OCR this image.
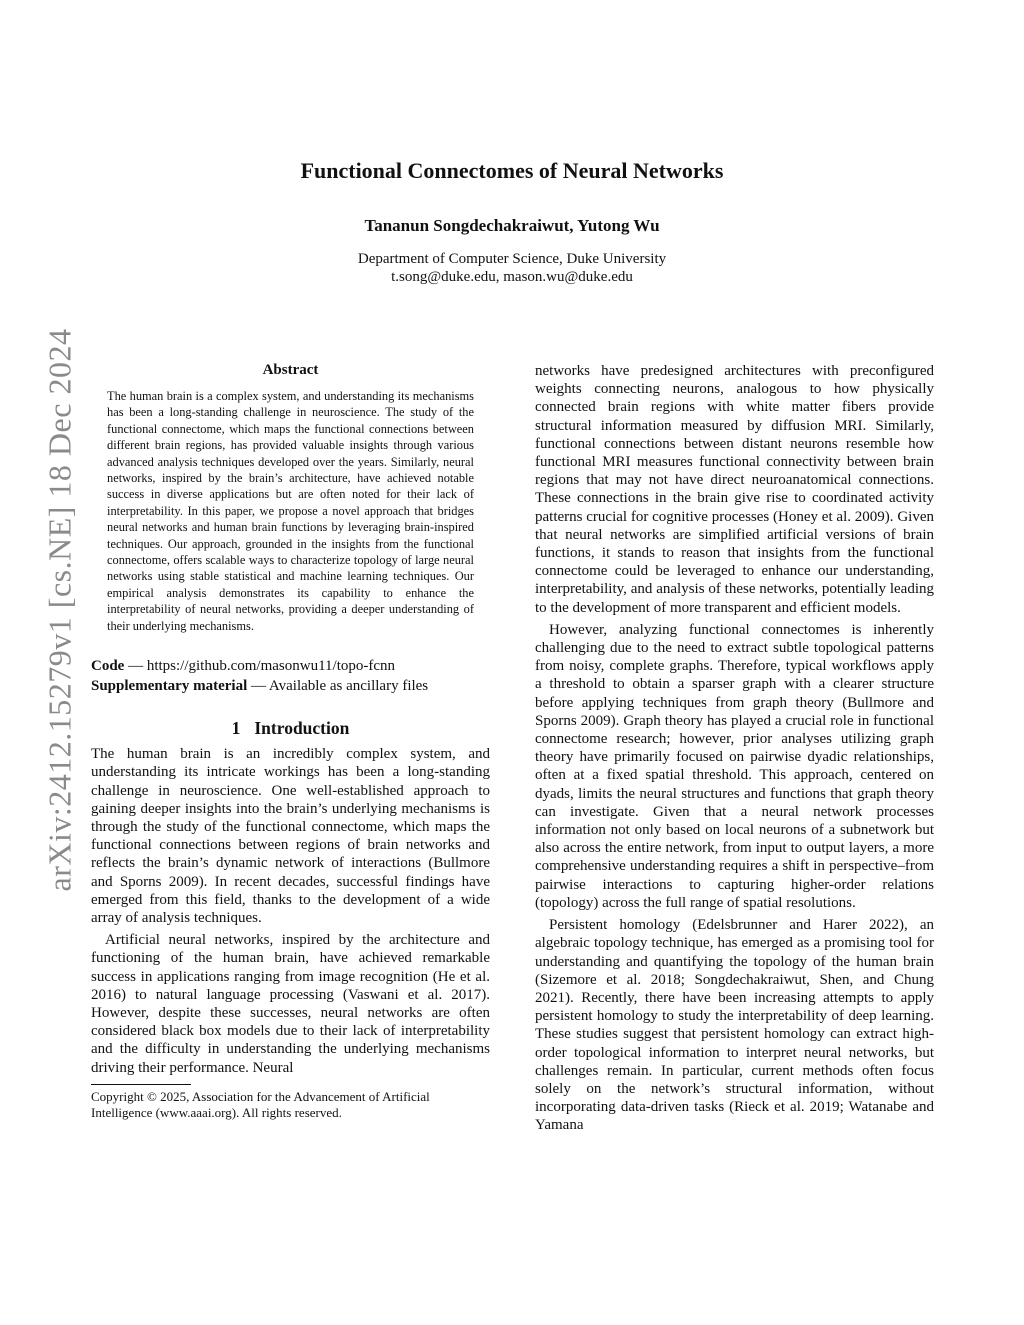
arXiv:2412.15279v1 [cs.NE] 18 Dec 2024
Functional Connectomes of Neural Networks
Tananun Songdechakraiwut, Yutong Wu
Department of Computer Science, Duke University
t.song@duke.edu, mason.wu@duke.edu
Abstract
The human brain is a complex system, and understanding its mechanisms has been a long-standing challenge in neuroscience. The study of the functional connectome, which maps the functional connections between different brain regions, has provided valuable insights through various advanced analysis techniques developed over the years. Similarly, neural networks, inspired by the brain’s architecture, have achieved notable success in diverse applications but are often noted for their lack of interpretability. In this paper, we propose a novel approach that bridges neural networks and human brain functions by leveraging brain-inspired techniques. Our approach, grounded in the insights from the functional connectome, offers scalable ways to characterize topology of large neural networks using stable statistical and machine learning techniques. Our empirical analysis demonstrates its capability to enhance the interpretability of neural networks, providing a deeper understanding of their underlying mechanisms.
Code — https://github.com/masonwu11/topo-fcnn
Supplementary material — Available as ancillary files
1 Introduction

The human brain is an incredibly complex system, and understanding its intricate workings has been a long-standing challenge in neuroscience. One well-established approach to gaining deeper insights into the brain’s underlying mechanisms is through the study of the functional connectome, which maps the functional connections between regions of brain networks and reflects the brain’s dynamic network of interactions (Bullmore and Sporns 2009). In recent decades, successful findings have emerged from this field, thanks to the development of a wide array of analysis techniques.

Artificial neural networks, inspired by the architecture and functioning of the human brain, have achieved remarkable success in applications ranging from image recognition (He et al. 2016) to natural language processing (Vaswani et al. 2017). However, despite these successes, neural networks are often considered black box models due to their lack of interpretability and the difficulty in understanding the underlying mechanisms driving their performance. Neural

Copyright © 2025, Association for the Advancement of Artificial Intelligence (www.aaai.org). All rights reserved.

networks have predesigned architectures with preconfigured weights connecting neurons, analogous to how physically connected brain regions with white matter fibers provide structural information measured by diffusion MRI. Similarly, functional connections between distant neurons resemble how functional MRI measures functional connectivity between brain regions that may not have direct neuroanatomical connections. These connections in the brain give rise to coordinated activity patterns crucial for cognitive processes (Honey et al. 2009). Given that neural networks are simplified artificial versions of brain functions, it stands to reason that insights from the functional connectome could be leveraged to enhance our understanding, interpretability, and analysis of these networks, potentially leading to the development of more transparent and efficient models.

However, analyzing functional connectomes is inherently challenging due to the need to extract subtle topological patterns from noisy, complete graphs. Therefore, typical workflows apply a threshold to obtain a sparser graph with a clearer structure before applying techniques from graph theory (Bullmore and Sporns 2009). Graph theory has played a crucial role in functional connectome research; however, prior analyses utilizing graph theory have primarily focused on pairwise dyadic relationships, often at a fixed spatial threshold. This approach, centered on dyads, limits the neural structures and functions that graph theory can investigate. Given that a neural network processes information not only based on local neurons of a subnetwork but also across the entire network, from input to output layers, a more comprehensive understanding requires a shift in perspective–from pairwise interactions to capturing higher-order relations (topology) across the full range of spatial resolutions.

Persistent homology (Edelsbrunner and Harer 2022), an algebraic topology technique, has emerged as a promising tool for understanding and quantifying the topology of the human brain (Sizemore et al. 2018; Songdechakraiwut, Shen, and Chung 2021). Recently, there have been increasing attempts to apply persistent homology to study the interpretability of deep learning. These studies suggest that persistent homology can extract high-order topological information to interpret neural networks, but challenges remain. In particular, current methods often focus solely on the network’s structural information, without incorporating data-driven tasks (Rieck et al. 2019; Watanabe and Yamana
